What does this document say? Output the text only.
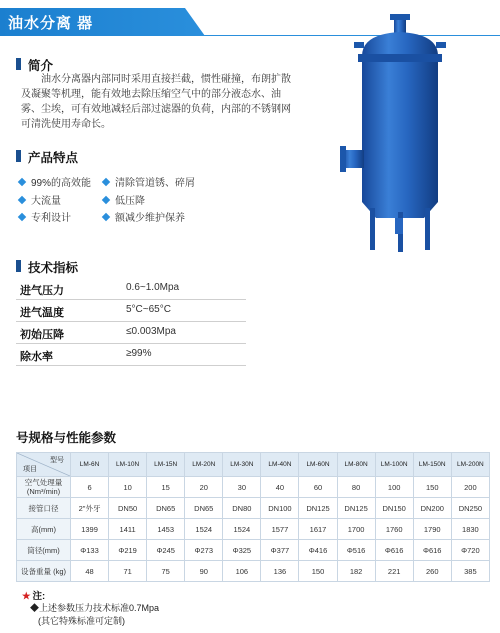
油水分离 器
简介
油水分离器内部同时采用直接拦截，惯性碰撞，布朗扩散及凝聚等机理，能有效地去除压缩空气中的部分液态水、油雾、尘埃，可有效地减轻后部过滤器的负荷，内部的不锈钢网可清洗使用寿命长。
产品特点
99%的高效能	清除管道锈、碎屑
大流量	低压降
专利设计	额减少维护保养
技术指标
进气压力	0.6~1.0Mpa
进气温度	5°C~65°C
初始压降	≤0.003Mpa
除水率	≥99%
号规格与性能参数
型号
项目	LM-6N	LM-10N	LM-15N	LM-20N	LM-30N	LM-40N	LM-60N	LM-80N	LM-100N	LM-150N	LM-200N

空气处理量
(Nm³/min)	6	10	15	20	30	40	60	80	100	150	200
接管口径	2"外牙	DN50	DN65	DN65	DN80	DN100	DN125	DN125	DN150	DN200	DN250
高(mm)	1399	1411	1453	1524	1524	1577	1617	1700	1760	1790	1830
筒径(mm)	Φ133	Φ219	Φ245	Φ273	Φ325	Φ377	Φ416	Φ516	Φ616	Φ616	Φ720
设备重量 (kg)	48	71	75	90	106	136	150	182	221	260	385
★ 注:
◆上述参数压力技术标准0.7Mpa
(其它特殊标准可定制)
